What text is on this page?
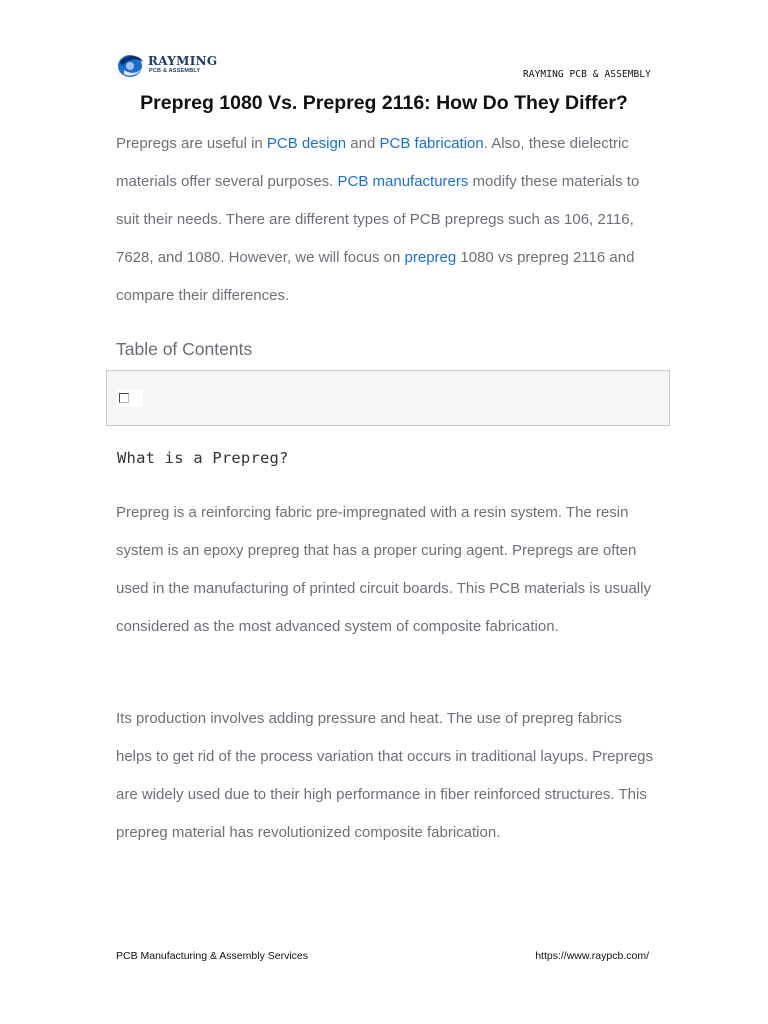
RAYMING
PCB & ASSEMBLY	RAYMING PCB & ASSEMBLY
Prepreg 1080 Vs. Prepreg 2116: How Do They Differ?

Prepregs are useful in PCB design and PCB fabrication. Also, these dielectric materials offer several purposes. PCB manufacturers modify these materials to suit their needs. There are different types of PCB prepregs such as 106, 2116, 7628, and 1080. However, we will focus on prepreg 1080 vs prepreg 2116 and compare their differences.

Table of Contents
What is a Prepreg?

Prepreg is a reinforcing fabric pre-impregnated with a resin system. The resin system is an epoxy prepreg that has a proper curing agent. Prepregs are often used in the manufacturing of printed circuit boards. This PCB materials is usually considered as the most advanced system of composite fabrication.

Its production involves adding pressure and heat. The use of prepreg fabrics helps to get rid of the process variation that occurs in traditional layups. Prepregs are widely used due to their high performance in fiber reinforced structures. This prepreg material has revolutionized composite fabrication.

PCB Manufacturing & Assembly Services	https://www.raypcb.com/
